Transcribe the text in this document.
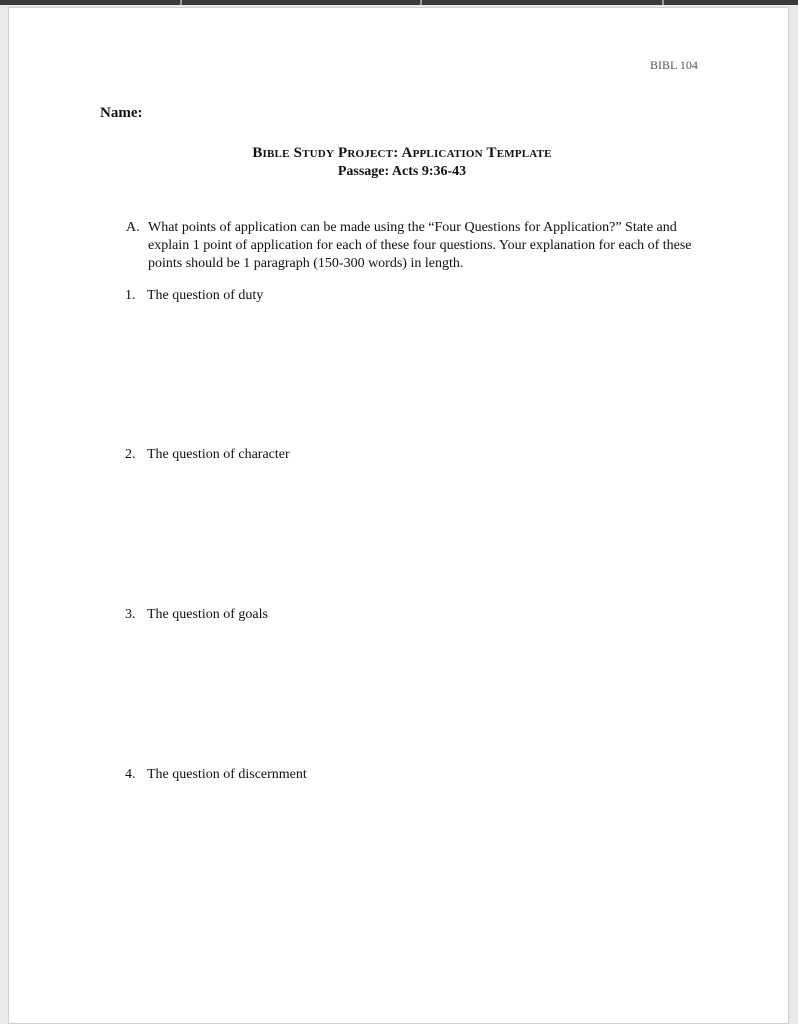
BIBL 104
Name:
Bible Study Project: Application Template
Passage: Acts 9:36-43
A. What points of application can be made using the “Four Questions for Application?” State and explain 1 point of application for each of these four questions. Your explanation for each of these points should be 1 paragraph (150-300 words) in length.
1. The question of duty
2. The question of character
3. The question of goals
4. The question of discernment
